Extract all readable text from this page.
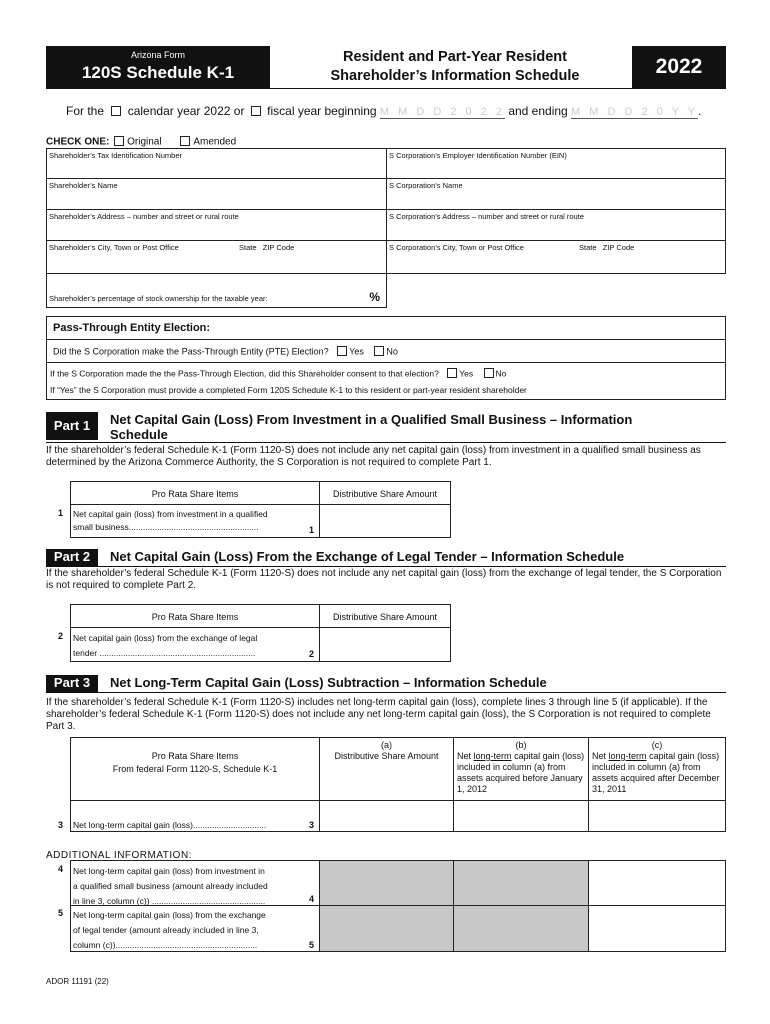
Arizona Form
120S Schedule K-1
Resident and Part-Year Resident
Shareholder’s Information Schedule	2022
For the calendar year 2022 or fiscal year beginning M M D D 2 0 2 2 and ending M M D D 2 0 Y Y.
CHECK ONE: Original	Amended
Shareholder’s Tax Identification Number	S Corporation’s Employer Identification Number (EIN)
Shareholder’s Name	S Corporation’s Name
Shareholder’s Address – number and street or rural route	S Corporation’s Address – number and street or rural route
Shareholder’s City, Town or Post Office	State   ZIP Code	S Corporation’s City, Town or Post Office	State   ZIP Code
Shareholder’s percentage of stock ownership for the taxable year:	%
Pass-Through Entity Election:
Did the S Corporation make the Pass-Through Entity (PTE) Election? Yes	No
If the S Corporation made the the Pass-Through Election, did this Shareholder consent to that election? Yes	No
If “Yes” the S Corporation must provide a completed Form 120S Schedule K-1 to this resident or part-year resident shareholder
Part 1	Net Capital Gain (Loss) From Investment in a Qualified Small Business – Information
Schedule
If the shareholder’s federal Schedule K-1 (Form 1120-S) does not include any net capital gain (loss) from investment in a qualified small business as determined by the Arizona Commerce Authority, the S Corporation is not required to complete Part 1.
Pro Rata Share Items	Distributive Share Amount
1 Net capital gain (loss) from investment in a qualified
small business.......................................................	1
Part 2	Net Capital Gain (Loss) From the Exchange of Legal Tender – Information Schedule
If the shareholder’s federal Schedule K-1 (Form 1120-S) does not include any net capital gain (loss) from the exchange of legal tender, the S Corporation is not required to complete Part 2.
Pro Rata Share Items	Distributive Share Amount
2 Net capital gain (loss) from the exchange of legal
tender ..................................................................	2
Part 3	Net Long-Term Capital Gain (Loss) Subtraction – Information Schedule
If the shareholder’s federal Schedule K-1 (Form 1120-S) includes net long-term capital gain (loss), complete lines 3 through line 5 (if applicable). If the shareholder’s federal Schedule K-1 (Form 1120-S) does not include any net long-term capital gain (loss), the S Corporation is not required to complete Part 3.
Pro Rata Share Items
From federal Form 1120-S, Schedule K-1
(a)
Distributive Share Amount
(b)
Net long-term capital gain (loss) included in column (a) from assets acquired before January 1, 2012
(c)
Net long-term capital gain (loss) included in column (a) from assets acquired after December 31, 2011
3 Net long-term capital gain (loss)...............................	3
ADDITIONAL INFORMATION:
4 Net long-term capital gain (loss) from investment in
a qualified small business (amount already included
in line 3, column (c)) ................................................	4
5 Net long-term capital gain (loss) from the exchange
of legal tender (amount already included in line 3,
column (c))............................................................	5
ADOR 11191 (22)
